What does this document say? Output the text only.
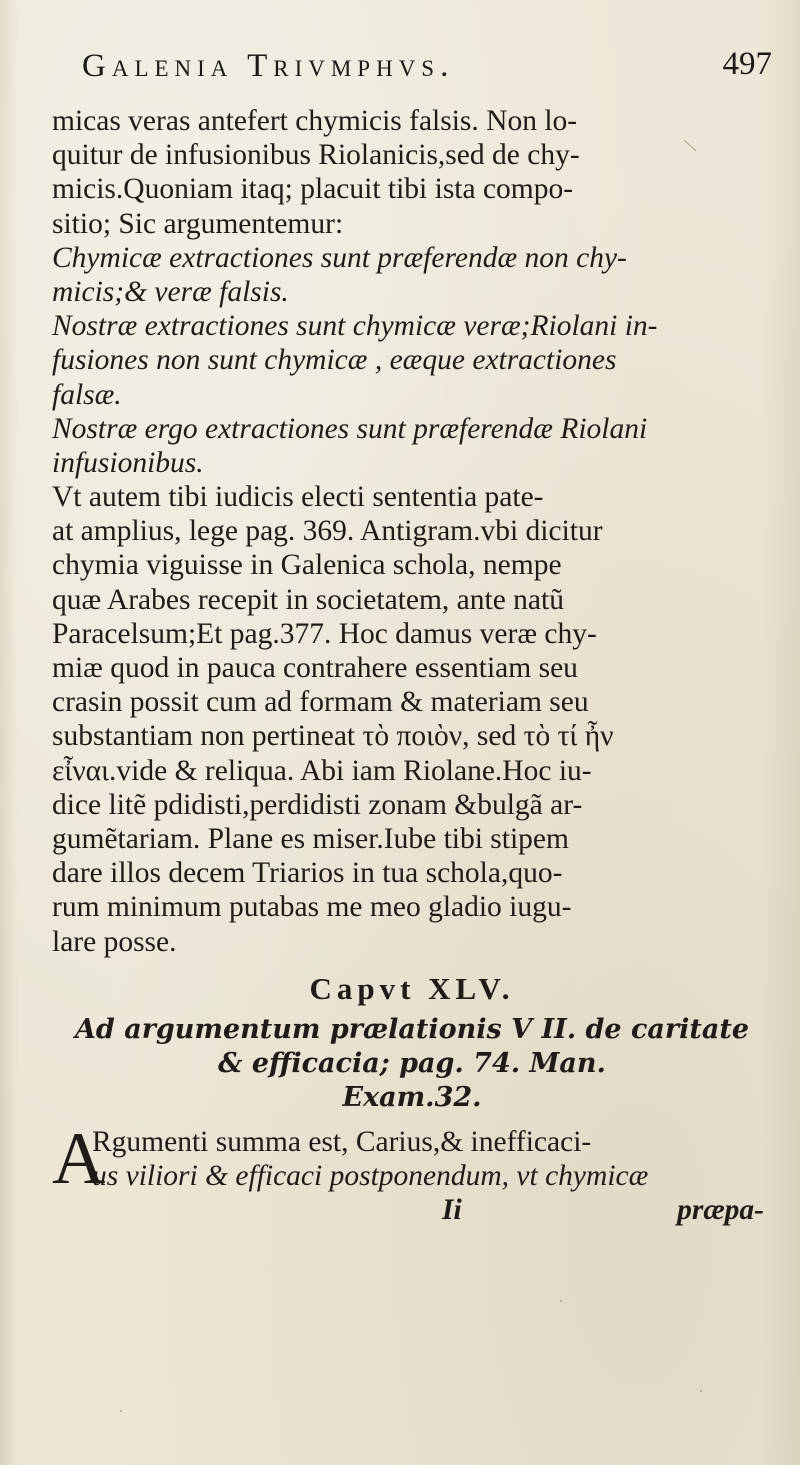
Galenia Trivmphvs.	497
micas veras antefert chymicis falsis. Non lo-
quitur de infusionibus Riolanicis,sed de chy-
micis.Quoniam itaq; placuit tibi ista compo-
sitio; Sic argumentemur:
Chymicæ extractiones sunt præferendæ non chy-
micis;& veræ falsis.
Nostræ extractiones sunt chymicæ veræ;Riolani in-
fusiones non sunt chymicæ , eæque extractiones
falsæ.
Nostræ ergo extractiones sunt præferendæ Riolani
infusionibus.
Vt autem tibi iudicis electi sententia pate-
at amplius, lege pag. 369. Antigram.vbi dicitur
chymia viguisse in Galenica schola, nempe
quæ Arabes recepit in societatem, ante natũ
Paracelsum;Et pag.377. Hoc damus veræ chy-
miæ quod in pauca contrahere essentiam seu
crasin possit cum ad formam & materiam seu
substantiam non pertineat τὸ ποιὸν, sed τὸ τί ἦν
εἶναι.vide & reliqua. Abi iam Riolane.Hoc iu-
dice litẽ pdidisti,perdidisti zonam &bulgã ar-
gumẽtariam. Plane es miser.Iube tibi stipem
dare illos decem Triarios in tua schola,quo-
rum minimum putabas me meo gladio iugu-
lare posse.
Capvt XLV.
Ad argumentum prælationis V II. de caritate
& efficacia; pag. 74. Man.
Exam.32.
A
Rgumenti summa est, Carius,& inefficaci-
us viliori & efficaci postponendum, vt chymicæ
Ii	præpa-
